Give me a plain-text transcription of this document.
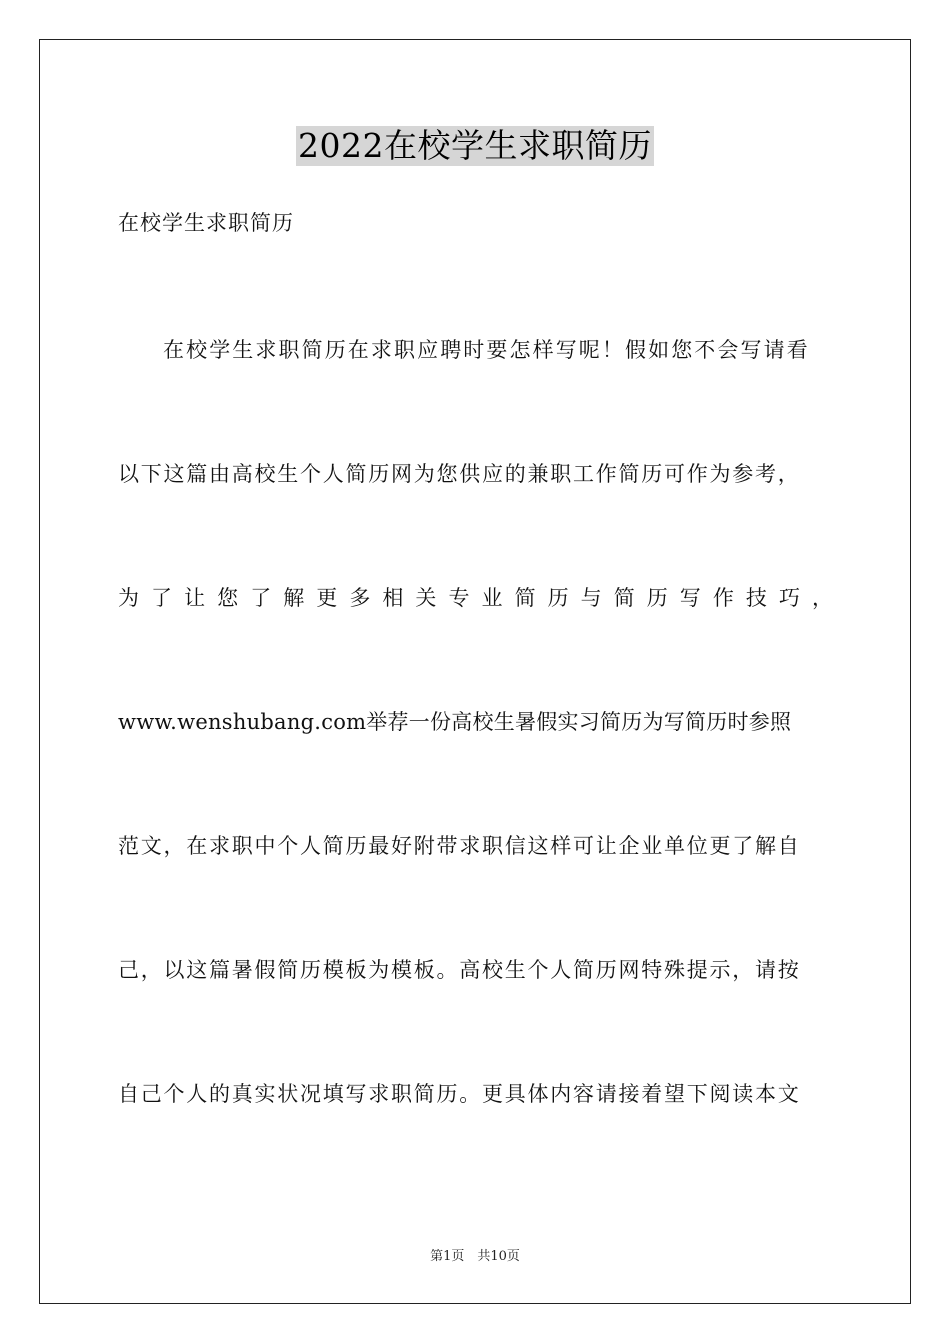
2022在校学生求职简历
在校学生求职简历
在校学生求职简历在求职应聘时要怎样写呢！假如您不会写请看
以下这篇由高校生个人简历网为您供应的兼职工作简历可作为参考，
为 了 让 您 了 解 更 多 相 关 专 业 简 历 与 简 历 写 作 技 巧 ，
www.wenshubang.com举荐一份高校生暑假实习简历为写简历时参照
范文，在求职中个人简历最好附带求职信这样可让企业单位更了解自
己，以这篇暑假简历模板为模板。高校生个人简历网特殊提示，请按
自己个人的真实状况填写求职简历。更具体内容请接着望下阅读本文
第1页　共10页
